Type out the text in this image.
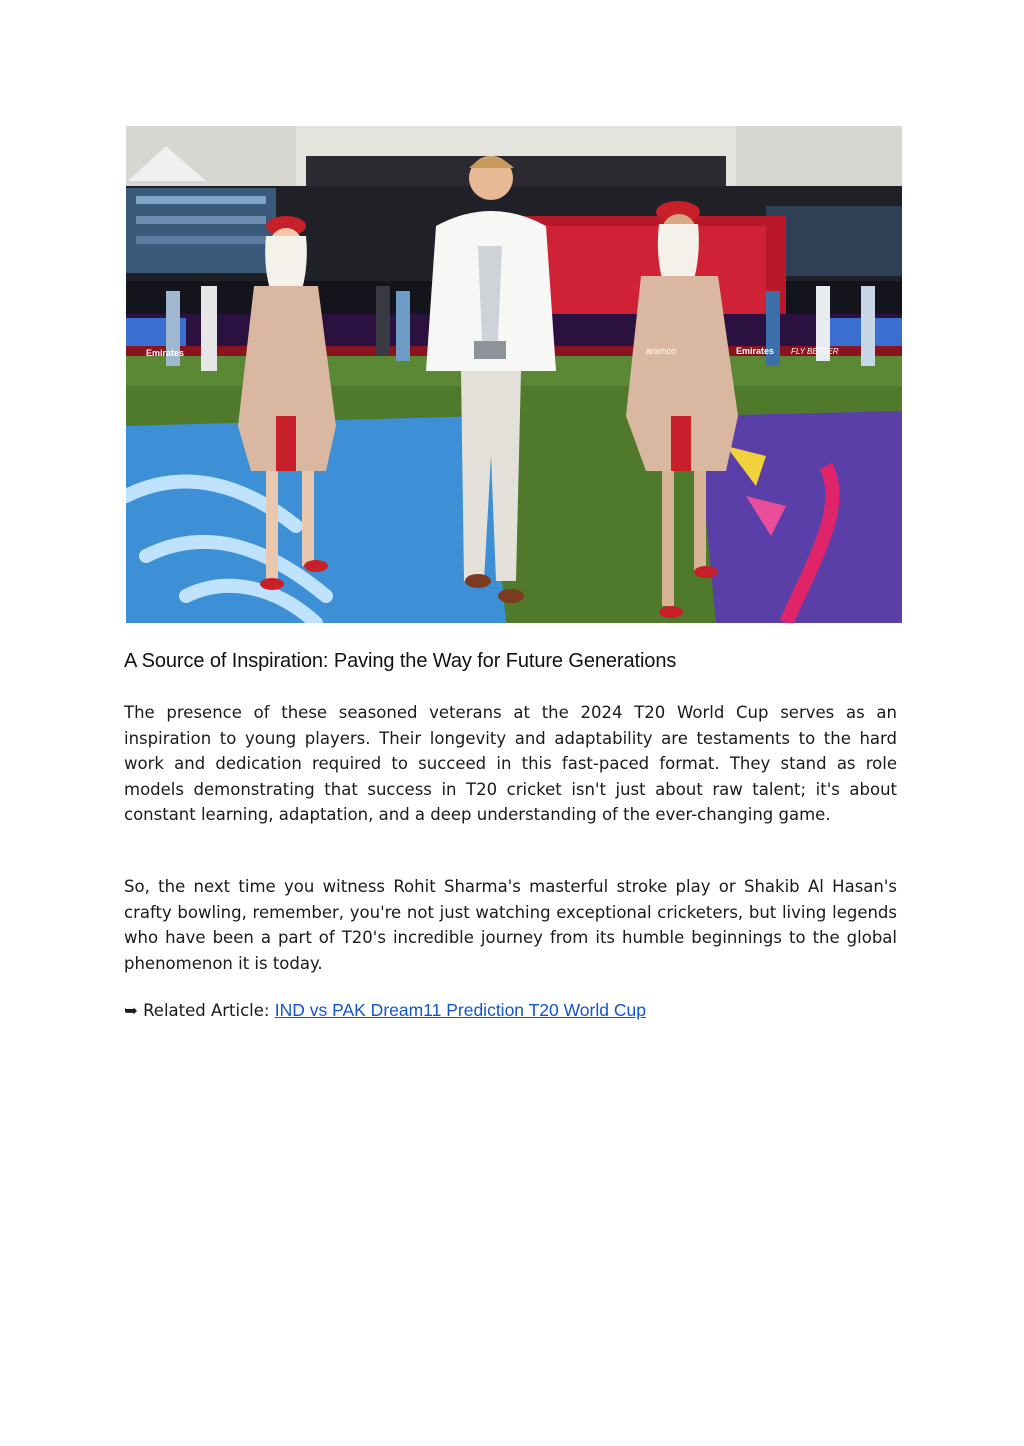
Emirates	aramco	Emirates FLY BETTER
A Source of Inspiration: Paving the Way for Future Generations

The presence of these seasoned veterans at the 2024 T20 World Cup serves as an inspiration to young players. Their longevity and adaptability are testaments to the hard work and dedication required to succeed in this fast-paced format. They stand as role models demonstrating that success in T20 cricket isn't just about raw talent; it's about constant learning, adaptation, and a deep understanding of the ever-changing game.

So, the next time you witness Rohit Sharma's masterful stroke play or Shakib Al Hasan's crafty bowling, remember, you're not just watching exceptional cricketers, but living legends who have been a part of T20's incredible journey from its humble beginnings to the global phenomenon it is today.

➥ Related Article: IND vs PAK Dream11 Prediction T20 World Cup
